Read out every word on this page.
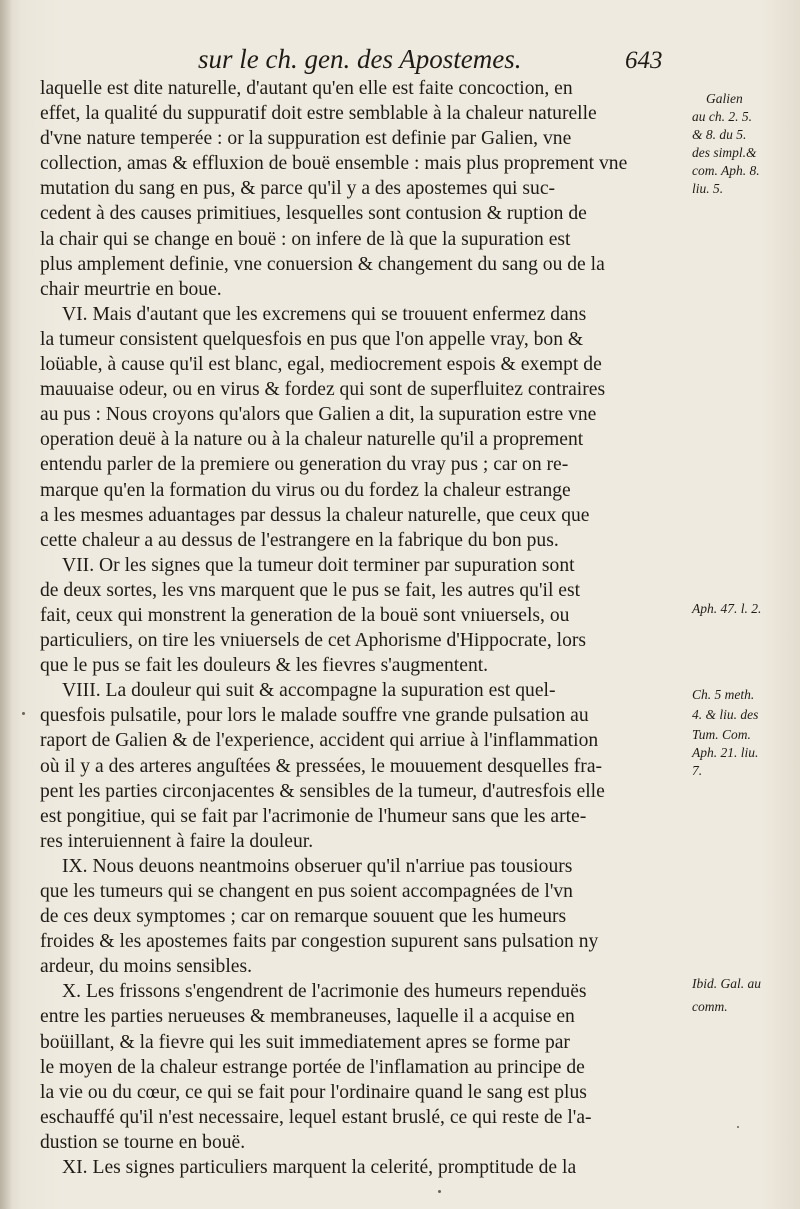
sur le ch. gen. des Apostemes.	643
laquelle est dite naturelle, d'autant qu'en elle est faite concoction, en
effet, la qualité du suppuratif doit estre semblable à la chaleur naturelle
d'vne nature temperée : or la suppuration est definie par Galien, vne
collection, amas & effluxion de bouë ensemble : mais plus proprement vne
mutation du sang en pus, & parce qu'il y a des apostemes qui suc-
cedent à des causes primitiues, lesquelles sont contusion & ruption de
la chair qui se change en bouë : on infere de là que la supuration est
plus amplement definie, vne conuersion & changement du sang ou de la
chair meurtrie en boue.
VI. Mais d'autant que les excremens qui se trouuent enfermez dans
la tumeur consistent quelquesfois en pus que l'on appelle vray, bon &
loüable, à cause qu'il est blanc, egal, mediocrement espois & exempt de
mauuaise odeur, ou en virus & fordez qui sont de superfluitez contraires
au pus : Nous croyons qu'alors que Galien a dit, la supuration estre vne
operation deuë à la nature ou à la chaleur naturelle qu'il a proprement
entendu parler de la premiere ou generation du vray pus ; car on re-
marque qu'en la formation du virus ou du fordez la chaleur estrange
a les mesmes aduantages par dessus la chaleur naturelle, que ceux que
cette chaleur a au dessus de l'estrangere en la fabrique du bon pus.
VII. Or les signes que la tumeur doit terminer par supuration sont
de deux sortes, les vns marquent que le pus se fait, les autres qu'il est
fait, ceux qui monstrent la generation de la bouë sont vniuersels, ou
particuliers, on tire les vniuersels de cet Aphorisme d'Hippocrate, lors
que le pus se fait les douleurs & les fievres s'augmentent.
VIII. La douleur qui suit & accompagne la supuration est quel-
quesfois pulsatile, pour lors le malade souffre vne grande pulsation au
raport de Galien & de l'experience, accident qui arriue à l'inflammation
où il y a des arteres anguſtées & pressées, le mouuement desquelles fra-
pent les parties circonjacentes & sensibles de la tumeur, d'autresfois elle
est pongitiue, qui se fait par l'acrimonie de l'humeur sans que les arte-
res interuiennent à faire la douleur.
IX. Nous deuons neantmoins obseruer qu'il n'arriue pas tousiours
que les tumeurs qui se changent en pus soient accompagnées de l'vn
de ces deux symptomes ; car on remarque souuent que les humeurs
froides & les apostemes faits par congestion supurent sans pulsation ny
ardeur, du moins sensibles.
X. Les frissons s'engendrent de l'acrimonie des humeurs rependuës
entre les parties nerueuses & membraneuses, laquelle il a acquise en
boüillant, & la fievre qui les suit immediatement apres se forme par
le moyen de la chaleur estrange portée de l'inflamation au principe de
la vie ou du cœur, ce qui se fait pour l'ordinaire quand le sang est plus
eschauffé qu'il n'est necessaire, lequel estant bruslé, ce qui reste de l'a-
dustion se tourne en bouë.
XI. Les signes particuliers marquent la celerité, promptitude de la
Galien
au ch. 2. 5.
& 8. du 5.
des simpl.&
com. Aph. 8.
liu. 5.
Aph. 47. l. 2.
Ch. 5 meth.
4. & liu. des
Tum. Com.
Aph. 21. liu.
7.
Ibid. Gal. au
comm.
